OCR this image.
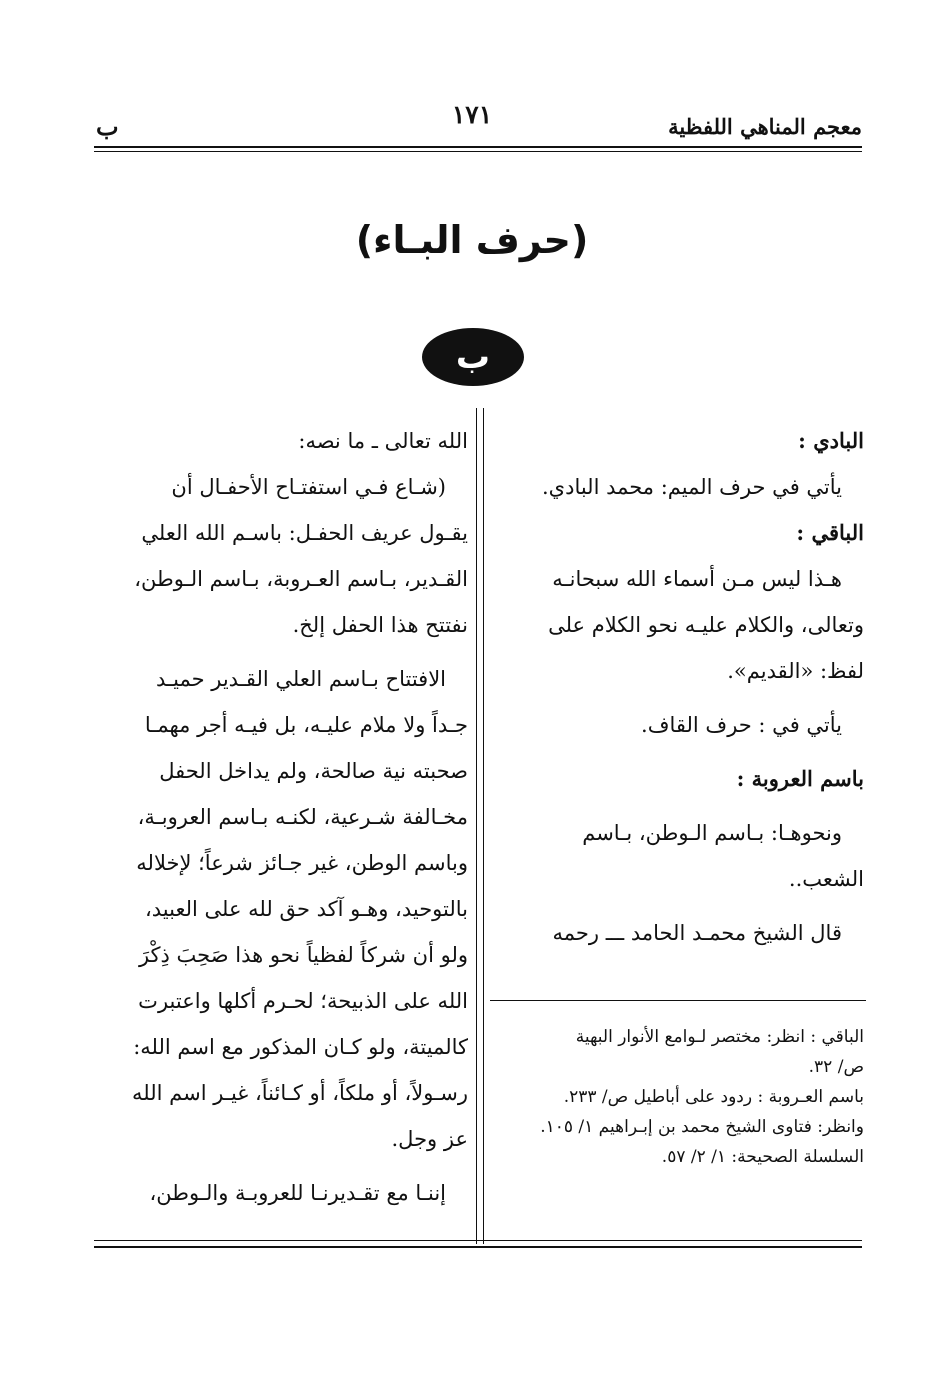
معجم المناهي اللفظية
١٧١
ب
(حرف البـاء)
ب

البادي :

يأتي في حرف الميم: محمد البادي.

الباقي :

هـذا ليس مـن أسماء الله سبحانـه

وتعالى، والكلام عليـه نحو الكلام على

لفظ: «القديم».

يأتي في : حرف القاف.

باسم العروبة :

ونحوهـا: بـاسم الـوطن، بـاسم

الشعب..

قال الشيخ محمـد الحامد ـــ رحمه

الباقي : انظر: مختصر لـوامع الأنوار البهية

ص/ ٣٢.

باسم العـروبة : ردود على أباطيل ص/ ٢٣٣.

وانظر: فتاوى الشيخ محمد بن إبـراهيم ١/ ١٠٥.

السلسلة الصحيحة: ١/ ٢/ ٥٧.

الله تعالى ـ ما نصه:

(شـاع فـي استفتـاح الأحفـال أن

يقـول عريف الحفـل: باسـم الله العلي

القـدير، بـاسم العـروبة، بـاسم الـوطن،

نفتتح هذا الحفل إلخ.

الافتتاح بـاسم العلي القـدير حميـد

جـداً ولا ملام عليـه، بل فيـه أجر مهمـا

صحبته نية صالحة، ولم يداخل الحفل

مخـالفة شـرعية، لكنـه بـاسم العروبـة،

وباسم الوطن، غير جـائز شرعاً؛ لإخلاله

بالتوحيد، وهـو آكد حق لله على العبيد،

ولو أن شركاً لفظياً نحو هذا صَحِبَ ذِكْرَ

الله على الذبيحة؛ لحـرم أكلها واعتبرت

كالميتة، ولو كـان المذكور مع اسم الله:

رسـولاً، أو ملكاً، أو كـائناً، غيـر اسم الله

عز وجل.

إننـا مع تقـديرنـا للعروبـة والـوطن،
